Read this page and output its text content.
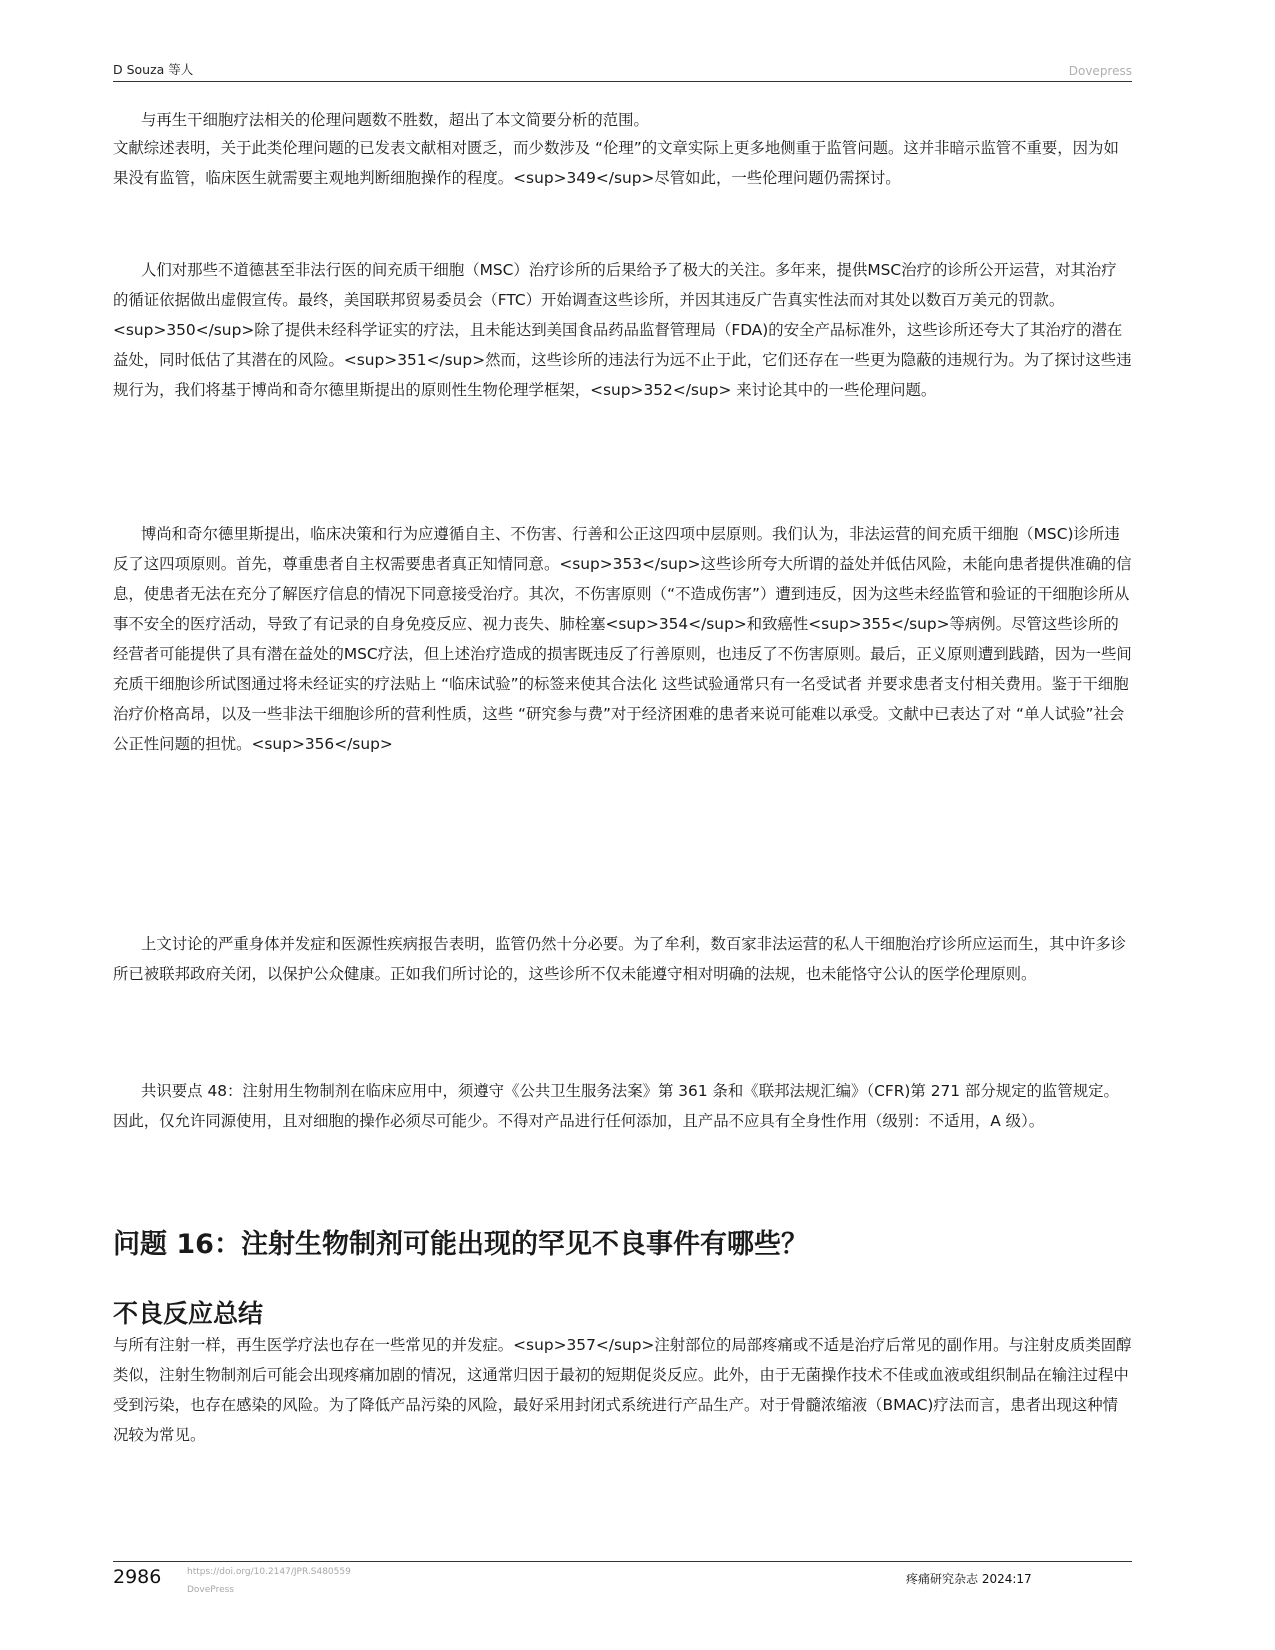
D Souza 等人	Dovepress

与再生干细胞疗法相关的伦理问题数不胜数，超出了本文简要分析的范围。

文献综述表明，关于此类伦理问题的已发表文献相对匮乏，而少数涉及 “伦理”的文章实际上更多地侧重于监管问题。这并非暗示监管不重要，因为如果没有监管，临床医生就需要主观地判断细胞操作的程度。<sup>349</sup>尽管如此，一些伦理问题仍需探讨。

人们对那些不道德甚至非法行医的间充质干细胞（MSC）治疗诊所的后果给予了极大的关注。多年来，提供MSC治疗的诊所公开运营，对其治疗的循证依据做出虚假宣传。最终，美国联邦贸易委员会（FTC）开始调查这些诊所，并因其违反广告真实性法而对其处以数百万美元的罚款。<sup>350</sup>除了提供未经科学证实的疗法，且未能达到美国食品药品监督管理局（FDA)的安全产品标准外，这些诊所还夸大了其治疗的潜在益处，同时低估了其潜在的风险。<sup>351</sup>然而，这些诊所的违法行为远不止于此，它们还存在一些更为隐蔽的违规行为。为了探讨这些违规行为，我们将基于博尚和奇尔德里斯提出的原则性生物伦理学框架，<sup>352</sup> 来讨论其中的一些伦理问题。

博尚和奇尔德里斯提出，临床决策和行为应遵循自主、不伤害、行善和公正这四项中层原则。我们认为，非法运营的间充质干细胞（MSC)诊所违反了这四项原则。首先，尊重患者自主权需要患者真正知情同意。<sup>353</sup>这些诊所夸大所谓的益处并低估风险，未能向患者提供准确的信息，使患者无法在充分了解医疗信息的情况下同意接受治疗。其次，不伤害原则（“不造成伤害”）遭到违反，因为这些未经监管和验证的干细胞诊所从事不安全的医疗活动，导致了有记录的自身免疫反应、视力丧失、肺栓塞<sup>354</sup>和致癌性<sup>355</sup>等病例。尽管这些诊所的经营者可能提供了具有潜在益处的MSC疗法，但上述治疗造成的损害既违反了行善原则，也违反了不伤害原则。最后，正义原则遭到践踏，因为一些间充质干细胞诊所试图通过将未经证实的疗法贴上 “临床试验”的标签来使其合法化 这些试验通常只有一名受试者 并要求患者支付相关费用。鉴于干细胞治疗价格高昂，以及一些非法干细胞诊所的营利性质，这些 “研究参与费”对于经济困难的患者来说可能难以承受。文献中已表达了对 “单人试验”社会公正性问题的担忧。<sup>356</sup>

上文讨论的严重身体并发症和医源性疾病报告表明，监管仍然十分必要。为了牟利，数百家非法运营的私人干细胞治疗诊所应运而生，其中许多诊所已被联邦政府关闭，以保护公众健康。正如我们所讨论的，这些诊所不仅未能遵守相对明确的法规，也未能恪守公认的医学伦理原则。

共识要点 48：注射用生物制剂在临床应用中，须遵守《公共卫生服务法案》第 361 条和《联邦法规汇编》（CFR)第 271 部分规定的监管规定。因此，仅允许同源使用，且对细胞的操作必须尽可能少。不得对产品进行任何添加，且产品不应具有全身性作用（级别：不适用，A 级）。

问题 16：注射生物制剂可能出现的罕见不良事件有哪些？
不良反应总结

与所有注射一样，再生医学疗法也存在一些常见的并发症。<sup>357</sup>注射部位的局部疼痛或不适是治疗后常见的副作用。与注射皮质类固醇类似，注射生物制剂后可能会出现疼痛加剧的情况，这通常归因于最初的短期促炎反应。此外，由于无菌操作技术不佳或血液或组织制品在输注过程中受到污染，也存在感染的风险。为了降低产品污染的风险，最好采用封闭式系统进行产品生产。对于骨髓浓缩液（BMAC)疗法而言，患者出现这种情况较为常见。

2986	https://doi.org/10.2147/JPR.S480559
DovePress
疼痛研究杂志 2024:17
